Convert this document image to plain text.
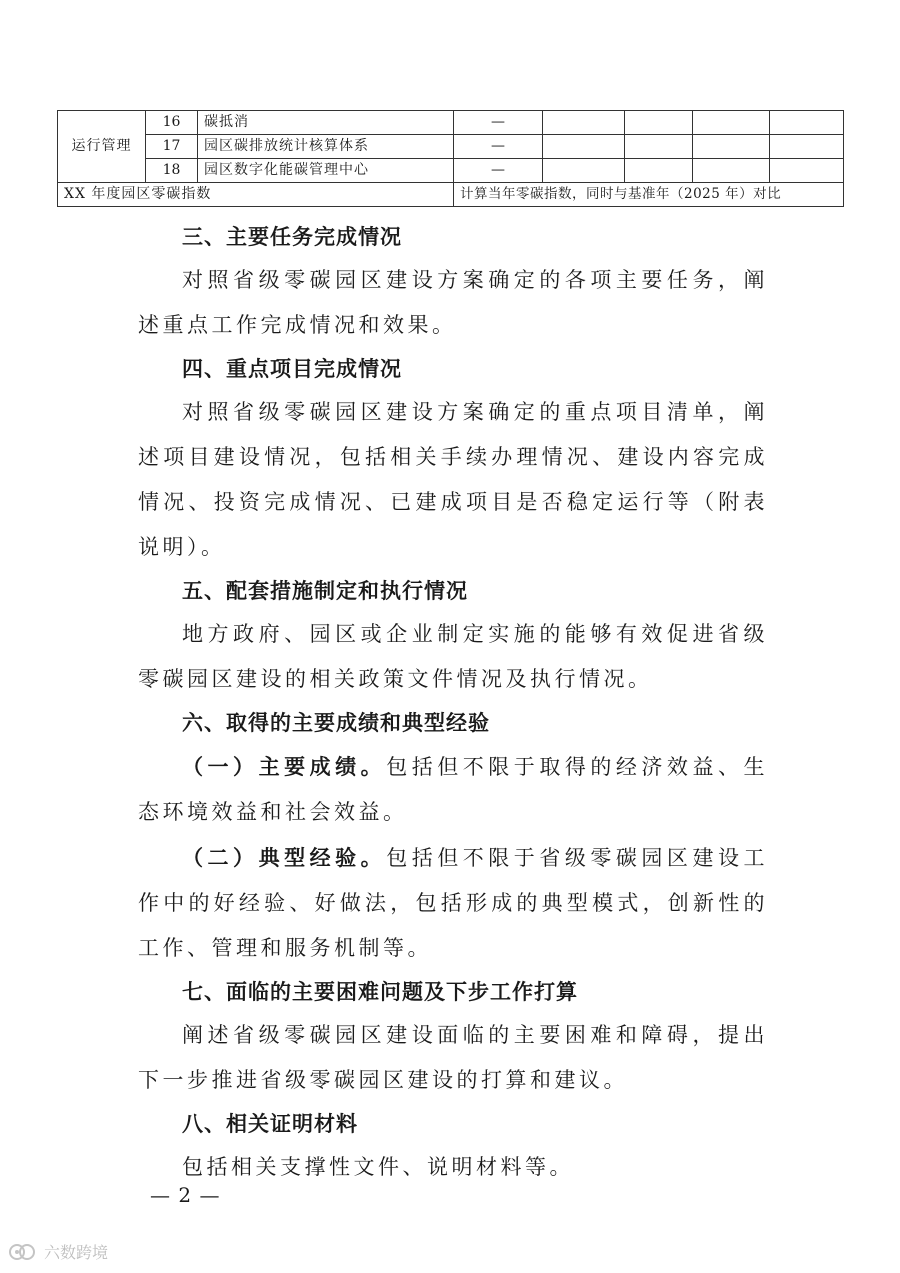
运行管理	16	碳抵消	—				
	17	园区碳排放统计核算体系	—				
	18	园区数字化能碳管理中心	—				
XX 年度园区零碳指数			计算当年零碳指数，同时与基准年（2025 年）对比				
三、主要任务完成情况

对照省级零碳园区建设方案确定的各项主要任务，阐述重点工作完成情况和效果。

四、重点项目完成情况

对照省级零碳园区建设方案确定的重点项目清单，阐述项目建设情况，包括相关手续办理情况、建设内容完成情况、投资完成情况、已建成项目是否稳定运行等（附表说明）。

五、配套措施制定和执行情况

地方政府、园区或企业制定实施的能够有效促进省级零碳园区建设的相关政策文件情况及执行情况。

六、取得的主要成绩和典型经验

（一）主要成绩。包括但不限于取得的经济效益、生态环境效益和社会效益。

（二）典型经验。包括但不限于省级零碳园区建设工作中的好经验、好做法，包括形成的典型模式，创新性的工作、管理和服务机制等。

七、面临的主要困难问题及下步工作打算

阐述省级零碳园区建设面临的主要困难和障碍，提出下一步推进省级零碳园区建设的打算和建议。

八、相关证明材料

包括相关支撑性文件、说明材料等。

— 2 —
六数跨境
